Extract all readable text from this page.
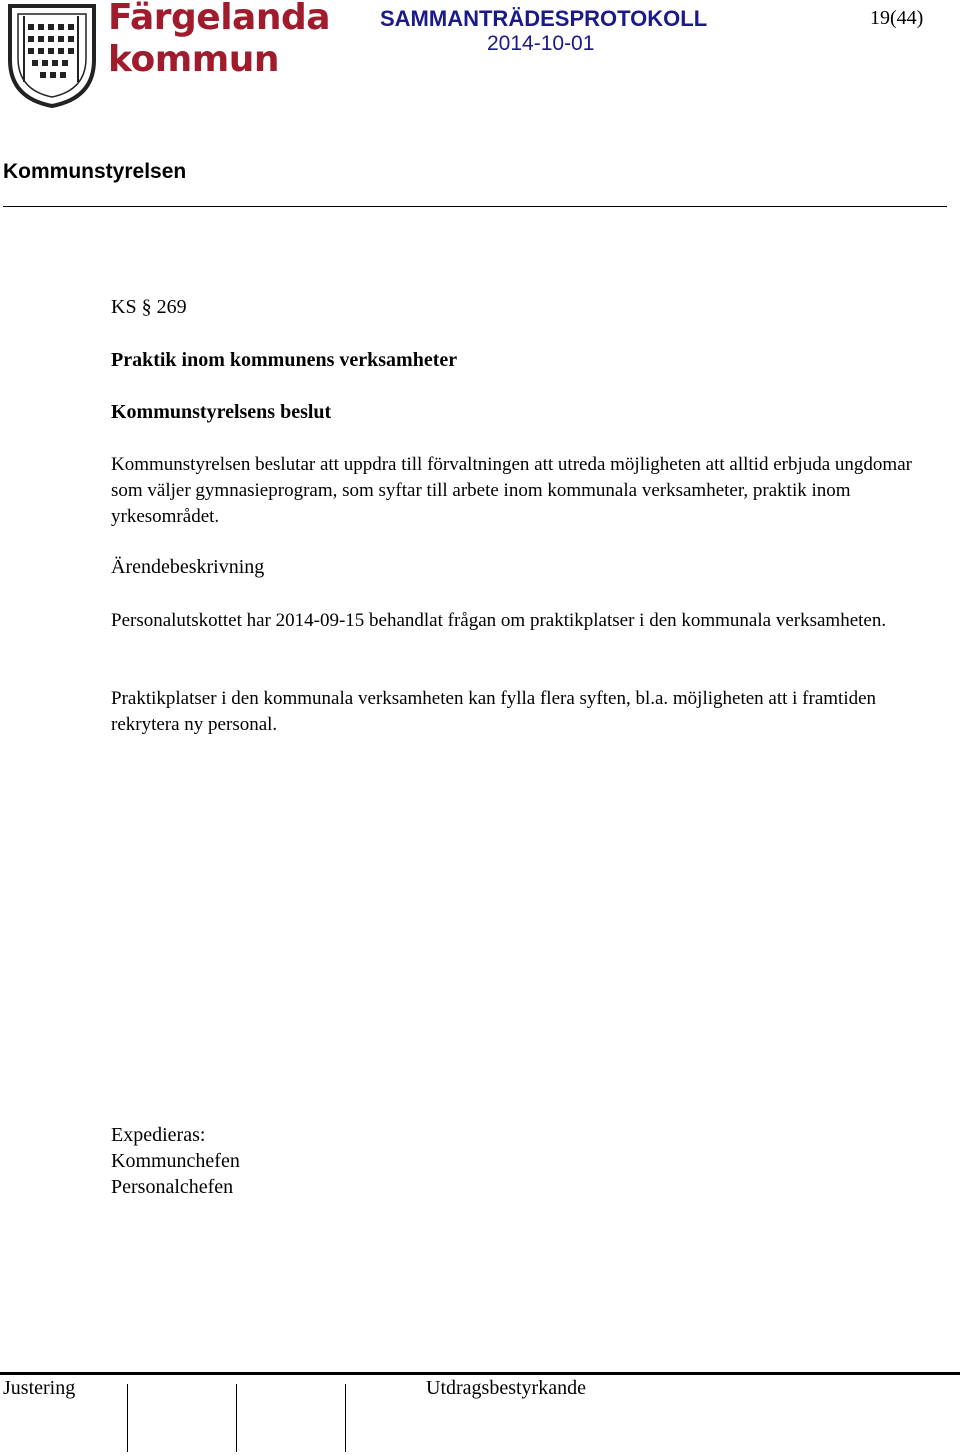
Färgelanda
kommun
SAMMANTRÄDESPROTOKOLL
2014-10-01
19(44)
Kommunstyrelsen
KS § 269
Praktik inom kommunens verksamheter
Kommunstyrelsens beslut
Kommunstyrelsen beslutar att uppdra till förvaltningen att utreda möjligheten att alltid erbjuda ungdomar som väljer gymnasieprogram, som syftar till arbete inom kommunala verksamheter, praktik inom yrkesområdet.
Ärendebeskrivning
Personalutskottet har 2014-09-15 behandlat frågan om praktikplatser i den kommunala verksamheten.
Praktikplatser i den kommunala verksamheten kan fylla flera syften, bl.a. möjligheten att i framtiden rekrytera ny personal.
Expedieras:
Kommunchefen
Personalchefen
Justering	Utdragsbestyrkande
